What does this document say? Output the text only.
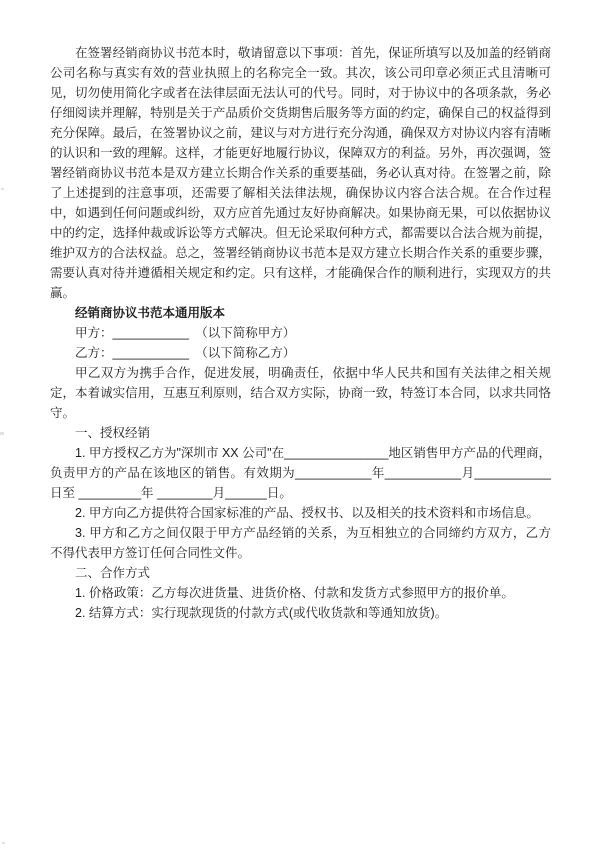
在签署经销商协议书范本时，敬请留意以下事项：首先，保证所填写以及加盖的经销商公司名称与真实有效的营业执照上的名称完全一致。其次，该公司印章必须正式且清晰可见，切勿使用简化字或者在法律层面无法认可的代号。同时，对于协议中的各项条款，务必仔细阅读并理解，特别是关于产品质价交货期售后服务等方面的约定，确保自己的权益得到充分保障。最后，在签署协议之前，建议与对方进行充分沟通，确保双方对协议内容有清晰的认识和一致的理解。这样，才能更好地履行协议，保障双方的利益。另外，再次强调，签署经销商协议书范本是双方建立长期合作关系的重要基础，务必认真对待。在签署之前，除了上述提到的注意事项，还需要了解相关法律法规，确保协议内容合法合规。在合作过程中，如遇到任何问题或纠纷，双方应首先通过友好协商解决。如果协商无果，可以依据协议中的约定，选择仲裁或诉讼等方式解决。但无论采取何种方式，都需要以合法合规为前提，维护双方的合法权益。总之，签署经销商协议书范本是双方建立长期合作关系的重要步骤，需要认真对待并遵循相关规定和约定。只有这样，才能确保合作的顺利进行，实现双方的共赢。

经销商协议书范本通用版本

甲方：___________　（以下简称甲方）

乙方：___________　（以下简称乙方）

甲乙双方为携手合作，促进发展，明确责任，依据中华人民共和国有关法律之相关规定，本着诚实信用，互惠互利原则，结合双方实际，协商一致，特签订本合同，以求共同恪守。

一、授权经销

1. 甲方授权乙方为"深圳市 XX 公司"在_______________地区销售甲方产品的代理商，负责甲方的产品在该地区的销售。有效期为___________年___________月___________日至 _________年 ________月______日。

2. 甲方向乙方提供符合国家标准的产品、授权书、以及相关的技术资料和市场信息。

3. 甲方和乙方之间仅限于甲方产品经销的关系，为互相独立的合同缔约方双方，乙方不得代表甲方签订任何合同性文件。

二、合作方式

1. 价格政策：乙方每次进货量、进货价格、付款和发货方式参照甲方的报价单。

2. 结算方式：实行现款现货的付款方式(或代收货款和等通知放货)。
